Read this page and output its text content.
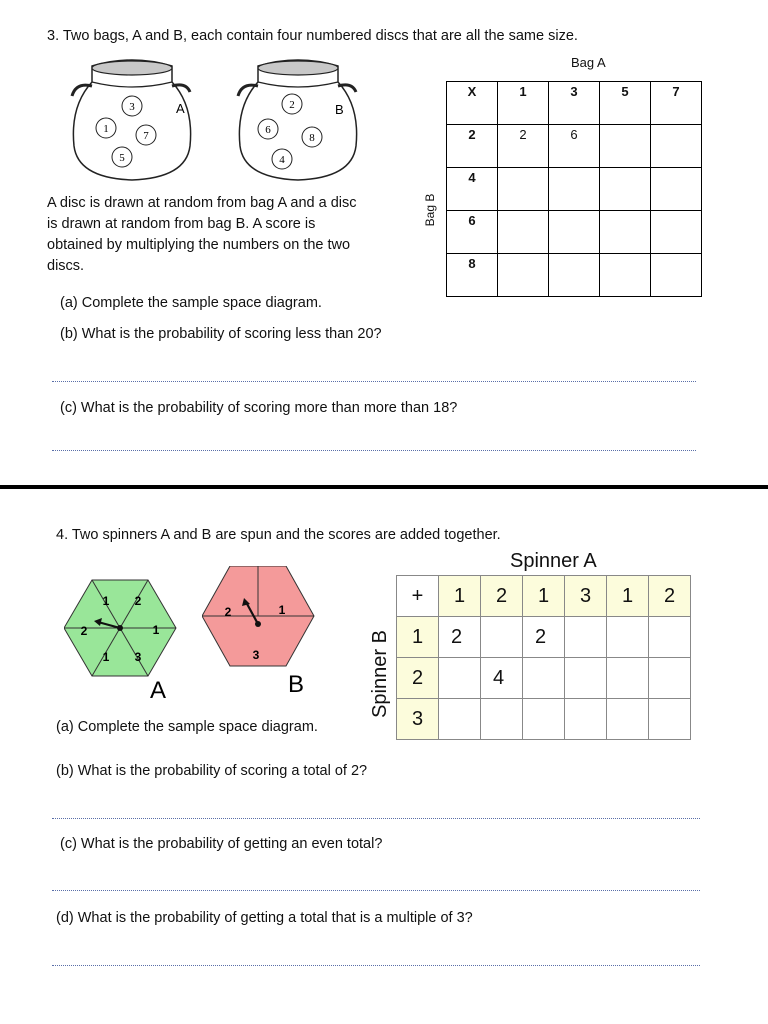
3. Two bags, A and B, each contain four numbered discs that are all the same size.
3
1
7
5
A	2
6
8
4
B
A disc is drawn at random from bag A and a disc
is drawn at random from bag B. A score is
obtained by multiplying the numbers on the two
discs.
Bag A
Bag B
X	1	3	5	7
2	2	6		
4				
6				
8				
(a) Complete the sample space diagram.
(b) What is the probability of scoring less than 20?
(c) What is the probability of scoring more than more than 18?
4. Two spinners A and B are spun and the scores are added together.
1 2
2	1
1 3
A
2	1
3
B
Spinner A
Spinner B
+	1	2	1	3	1	2
1	2		2			
2		4				
3						
(a) Complete the sample space diagram.
(b) What is the probability of scoring a total of 2?
(c) What is the probability of getting an even total?
(d) What is the probability of getting a total that is a multiple of 3?
